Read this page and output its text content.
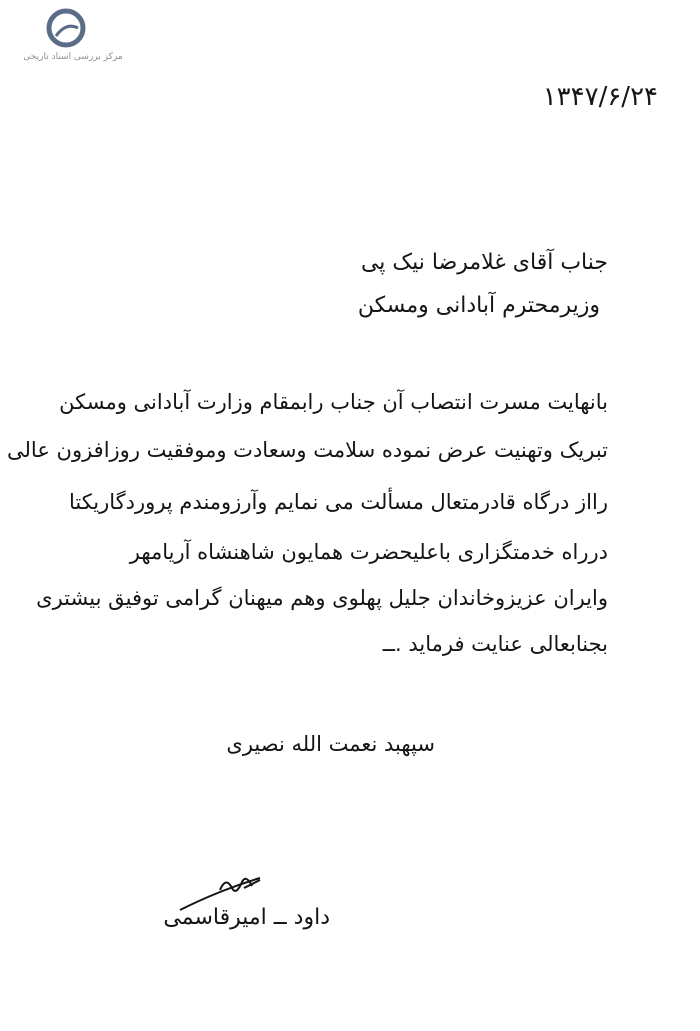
مرکز بررسی اسناد تاریخی
۱۳۴۷/۶/۲۴
جناب آقای غلامرضا نیک پی
وزیرمحترم آبادانی ومسکن
بانهایت مسرت انتصاب آن جناب رابمقام وزارت آبادانی ومسکن
تبریک وتهنیت عرض نموده سلامت وسعادت وموفقیت روزافزون عالی
رااز درگاه قادرمتعال مسألت می نمایم وآرزومندم پروردگاریکتا
درراه خدمتگزاری باعلیحضرت همایون شاهنشاه آریامهر
وایران عزیزوخاندان جلیل پهلوی وهم میهنان گرامی توفیق بیشتری
بجنابعالی عنایت فرماید .ــ
سپهبد نعمت الله نصیری
داود ــ امیرقاسمی
